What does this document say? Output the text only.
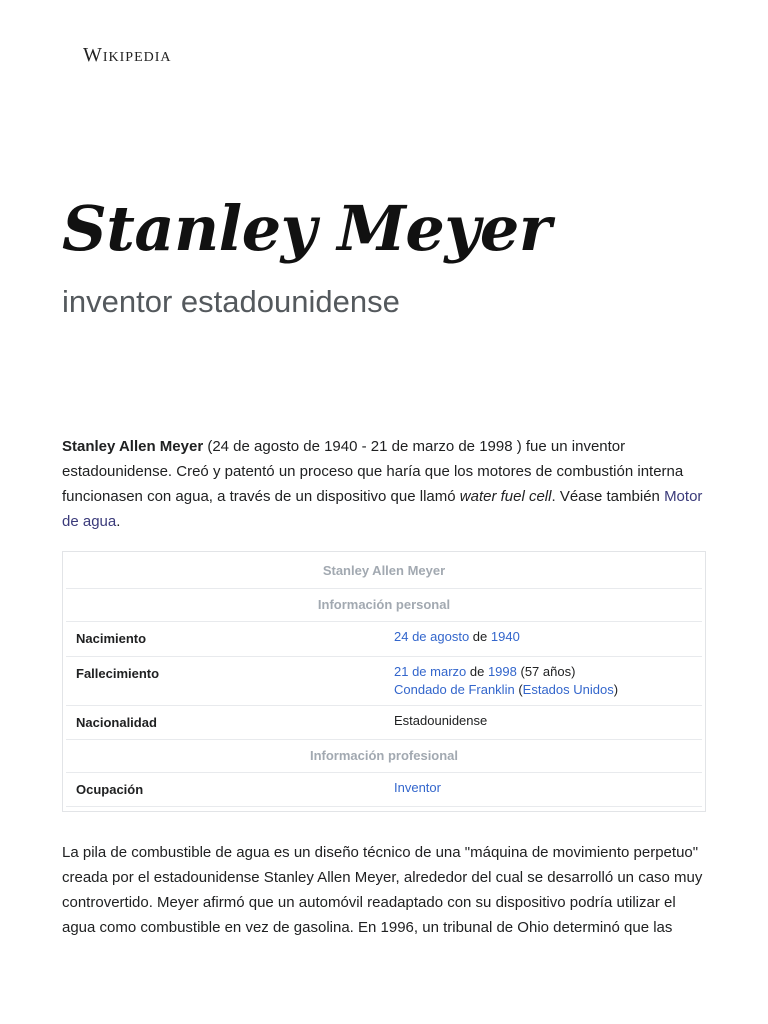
Wikipedia
Stanley Meyer
inventor estadounidense

Stanley Allen Meyer (24 de agosto de 1940 - 21 de marzo de 1998 ) fue un inventor estadounidense. Creó y patentó un proceso que haría que los motores de combustión interna funcionasen con agua, a través de un dispositivo que llamó water fuel cell. Véase también Motor de agua.

Stanley Allen Meyer
Información personal
Nacimiento	24 de agosto de 1940
Fallecimiento	21 de marzo de 1998 (57 años)
Condado de Franklin (Estados Unidos)
Nacionalidad	Estadounidense
Información profesional
Ocupación	Inventor

La pila de combustible de agua es un diseño técnico de una "máquina de movimiento perpetuo" creada por el estadounidense Stanley Allen Meyer, alrededor del cual se desarrolló un caso muy controvertido. Meyer afirmó que un automóvil readaptado con su dispositivo podría utilizar el agua como combustible en vez de gasolina. En 1996, un tribunal de Ohio determinó que las
